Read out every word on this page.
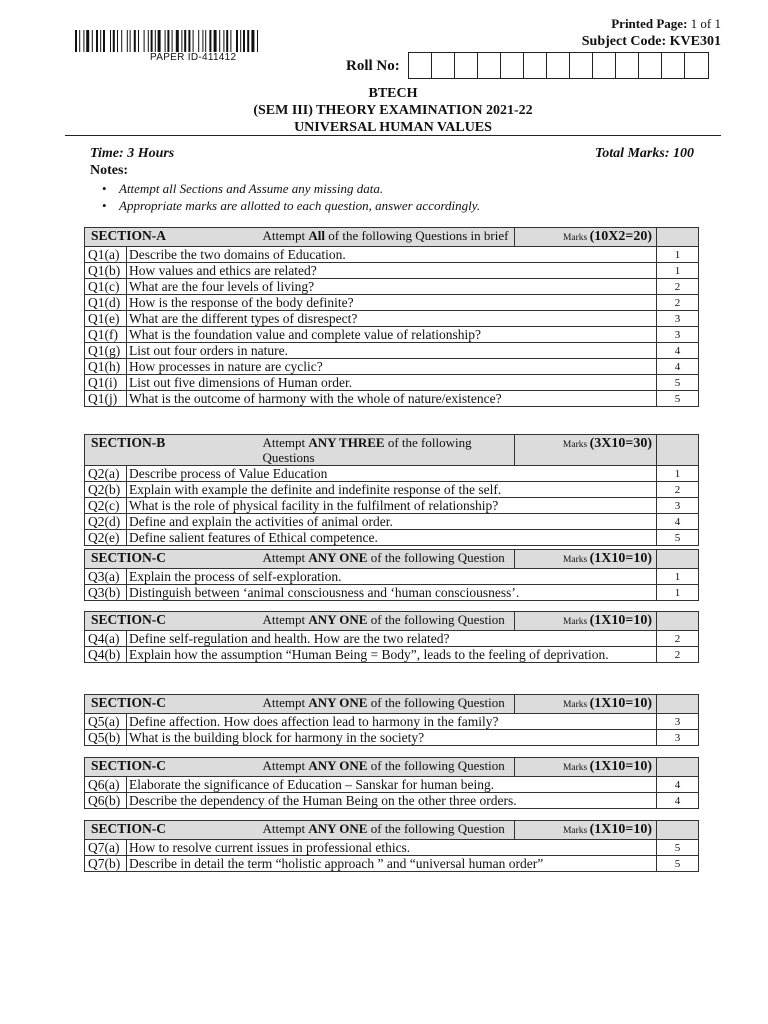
PAPER ID-411412
Printed Page: 1 of 1
Subject Code: KVE301
Roll No:
BTECH
(SEM III) THEORY EXAMINATION 2021-22
UNIVERSAL HUMAN VALUES
Time: 3 Hours	Total Marks: 100
Notes:
• Attempt all Sections and Assume any missing data.
• Appropriate marks are allotted to each question, answer accordingly.
SECTION-A		Attempt All of the following Questions in brief	Marks (10X2=20)	
Q1(a)	Describe the two domains of Education.			1
Q1(b)	How values and ethics are related?			1
Q1(c)	What are the four levels of living?			2
Q1(d)	How is the response of the body definite?			2
Q1(e)	What are the different types of disrespect?			3
Q1(f)	What is the foundation value and complete value of relationship?			3
Q1(g)	List out four orders in nature.			4
Q1(h)	How processes in nature are cyclic?			4
Q1(i)	List out five dimensions of Human order.			5
Q1(j)	What is the outcome of harmony with the whole of nature/existence?			5
SECTION-B		Attempt ANY THREE of the following Questions	Marks (3X10=30)	
Q2(a)	Describe process of Value Education			1
Q2(b)	Explain with example the definite and indefinite response of the self.			2
Q2(c)	What is the role of physical facility in the fulfilment of relationship?			3
Q2(d)	Define and explain the activities of animal order.			4
Q2(e)	Define salient features of Ethical competence.			5
SECTION-C		Attempt ANY ONE of the following Question	Marks (1X10=10)	
Q3(a)	Explain the process of self-exploration.			1
Q3(b)	Distinguish between ‘animal consciousness and ‘human consciousness’.			1
SECTION-C		Attempt ANY ONE of the following Question	Marks (1X10=10)	
Q4(a)	Define self-regulation and health. How are the two related?			2
Q4(b)	Explain how the assumption “Human Being = Body”, leads to the feeling of deprivation.			2
SECTION-C		Attempt ANY ONE of the following Question	Marks (1X10=10)	
Q5(a)	Define affection. How does affection lead to harmony in the family?			3
Q5(b)	What is the building block for harmony in the society?			3
SECTION-C		Attempt ANY ONE of the following Question	Marks (1X10=10)	
Q6(a)	Elaborate the significance of Education – Sanskar for human being.			4
Q6(b)	Describe the dependency of the Human Being on the other three orders.			4
SECTION-C		Attempt ANY ONE of the following Question	Marks (1X10=10)	
Q7(a)	How to resolve current issues in professional ethics.			5
Q7(b)	Describe in detail the term “holistic approach ” and “universal human order”			5
